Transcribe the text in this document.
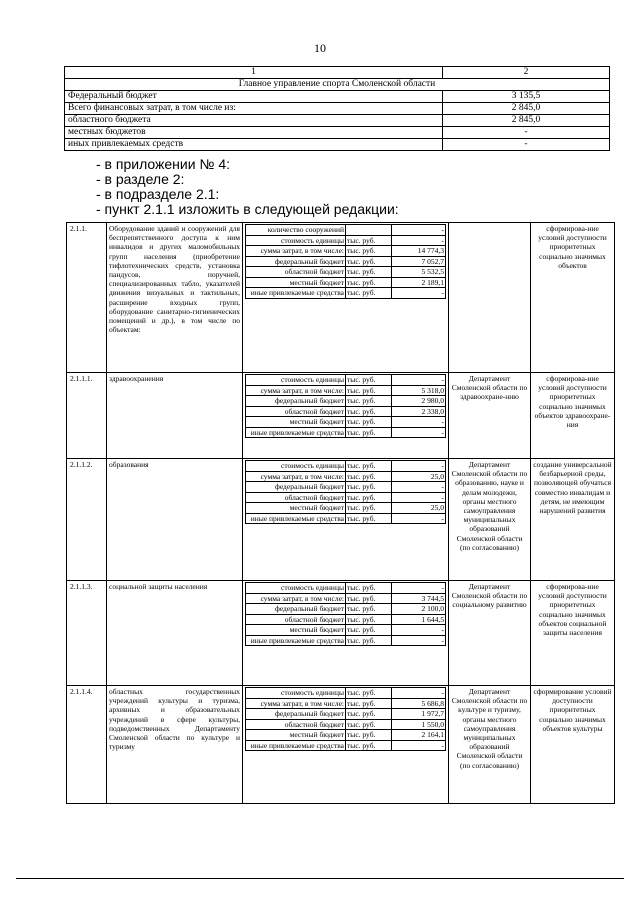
10
1	2
Главное управление спорта Смоленской области	
Федеральный бюджет	3 135,5
Всего финансовых затрат, в том числе из:	2 845,0
областного бюджета	2 845,0
местных бюджетов	-
иных привлекаемых средств	-
- в приложении № 4:
- в разделе 2:
- в подразделе 2.1:
- пункт 2.1.1 изложить в следующей редакции:
2.1.1.	Оборудование зданий и сооружений для беспрепятственного доступа к ним инвалидов и других маломобильных групп населения (приобретение тифлотехнических средств, установка пандусов, поручней, специализированных табло, указателей движения визуальных и тактильных, расширение входных групп, оборудование санитарно-гигиенических помещений и др.), в том числе по объектам:	
количество сооружений		-
стоимость единицы	тыс. руб.	-
сумма затрат, в том числе:	тыс. руб.	14 774,3
федеральный бюджет	тыс. руб.	7 052,7
областной бюджет	тыс. руб.	5 532,5
местный бюджет	тыс. руб.	2 189,1
иные привлекаемые средства	тыс. руб.	-
		сформирова-ние условий доступности приоритетных социально значимых объектов
2.1.1.1.	здравоохранения		стоимость единицы	тыс. руб.	-
сумма затрат, в том числе:	тыс. руб.	5 318,0
федеральный бюджет	тыс. руб.	2 980,0
областной бюджет	тыс. руб.	2 338,0
местный бюджет	тыс. руб.	-
иные привлекаемые средства	тыс. руб.	-
	Департамент Смоленской области по здравоохране-нию	сформирова-ние условий доступности приоритетных социально значимых объектов здравоохране-ния
2.1.1.2.	образования		стоимость единицы	тыс. руб.	-
сумма затрат, в том числе:	тыс. руб.	25,0
федеральный бюджет	тыс. руб.	-
областной бюджет	тыс. руб.	-
местный бюджет	тыс. руб.	25,0
иные привлекаемые средства	тыс. руб.	-
	Департамент Смоленской области по образованию, науке и делам молодежи, органы местного самоуправления муниципальных образований Смоленской области (по согласованию)	создание универсальной безбарьерной среды, позволяющей обучаться совместно инвалидам и детям, не имеющим нарушений развития
2.1.1.3.	социальной защиты населения		стоимость единицы	тыс. руб.	-
сумма затрат, в том числе:	тыс. руб.	3 744,5
федеральный бюджет	тыс. руб.	2 100,0
областной бюджет	тыс. руб.	1 644,5
местный бюджет	тыс. руб.	-
иные привлекаемые средства	тыс. руб.	-
	Департамент Смоленской области по социальному развитию	сформирова-ние условий доступности приоритетных социально значимых объектов социальной защиты населения
2.1.1.4.	областных государственных учреждений культуры и туризма, архивных и образовательных учреждений в сфере культуры, подведомственных Департаменту Смоленской области по культуре и туризму	
стоимость единицы	тыс. руб.	-
сумма затрат, в том числе:	тыс. руб.	5 686,8
федеральный бюджет	тыс. руб.	1 972,7
областной бюджет	тыс. руб.	1 550,0
местный бюджет	тыс. руб.	2 164,1
иные привлекаемые средства	тыс. руб.	-
	Департамент Смоленской области по культуре и туризму, органы местного самоуправления муниципальных образований Смоленской области (по согласованию)	сформирование условий доступности приоритетных социально значимых объектов культуры
